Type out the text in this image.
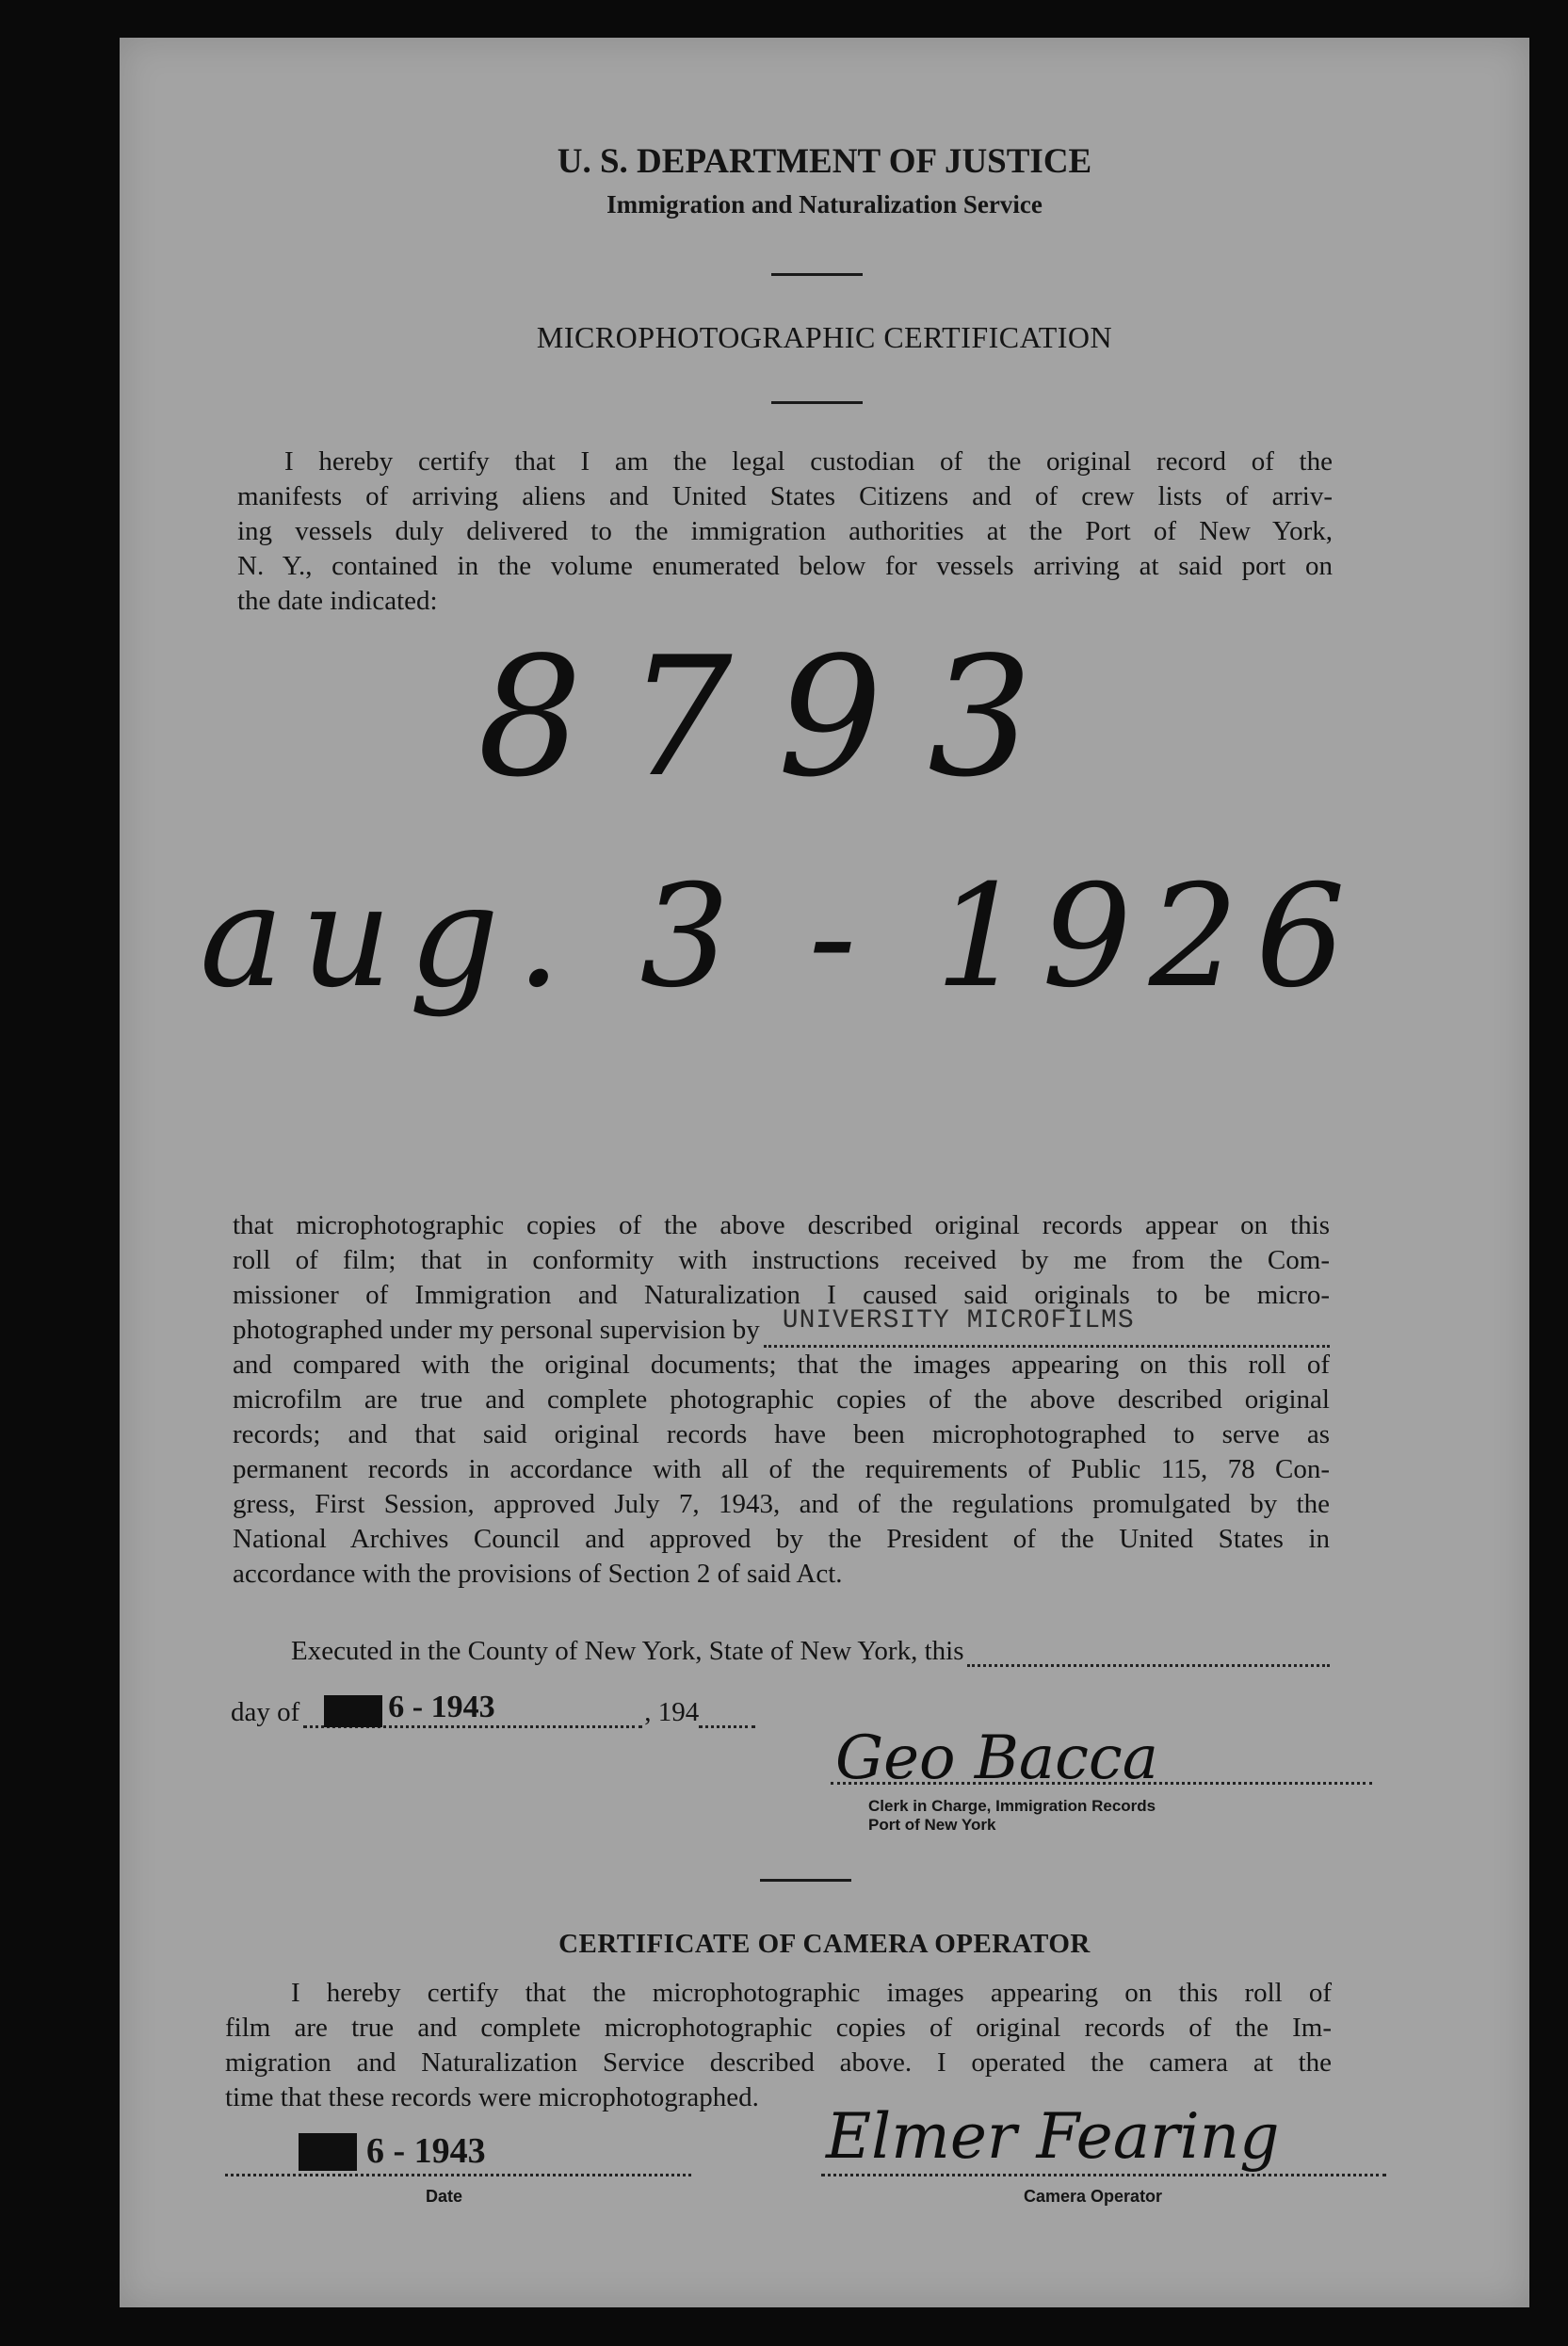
U. S. DEPARTMENT OF JUSTICE
Immigration and Naturalization Service
MICROPHOTOGRAPHIC CERTIFICATION
I hereby certify that I am the legal custodian of the original record of the
manifests of arriving aliens and United States Citizens and of crew lists of arriv-
ing vessels duly delivered to the immigration authorities at the Port of New York,
N. Y., contained in the volume enumerated below for vessels arriving at said port on
the date indicated:
8793
aug. 3 - 1926
that microphotographic copies of the above described original records appear on this
roll of film; that in conformity with instructions received by me from the Com-
missioner of Immigration and Naturalization I caused said originals to be micro-
photographed under my personal supervision by UNIVERSITY MICROFILMS
and compared with the original documents; that the images appearing on this roll of
microfilm are true and complete photographic copies of the above described original
records; and that said original records have been microphotographed to serve as
permanent records in accordance with all of the requirements of Public 115, 78 Con-
gress, First Session, approved July 7, 1943, and of the regulations promulgated by the
National Archives Council and approved by the President of the United States in
accordance with the provisions of Section 2 of said Act.
Executed in the County of New York, State of New York, this
day of	6 - 1943	, 194
Geo Bacca
Clerk in Charge, Immigration Records
Port of New York
CERTIFICATE OF CAMERA OPERATOR
I hereby certify that the microphotographic images appearing on this roll of
film are true and complete microphotographic copies of original records of the Im-
migration and Naturalization Service described above. I operated the camera at the
time that these records were microphotographed.
6 - 1943
Date
Elmer Fearing
Camera Operator
